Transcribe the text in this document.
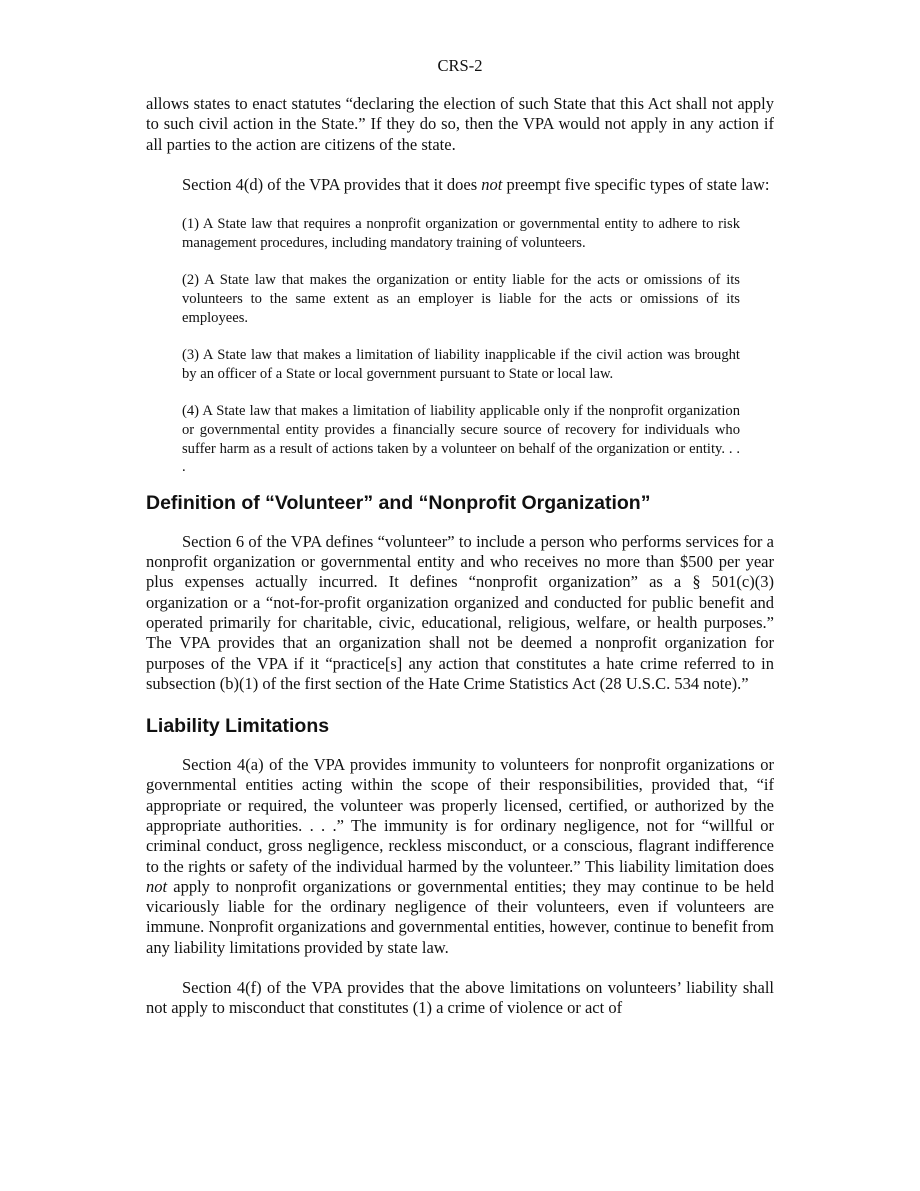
CRS-2

allows states to enact statutes “declaring the election of such State that this Act shall not apply to such civil action in the State.” If they do so, then the VPA would not apply in any action if all parties to the action are citizens of the state.

Section 4(d) of the VPA provides that it does not preempt five specific types of state law:

(1) A State law that requires a nonprofit organization or governmental entity to adhere to risk management procedures, including mandatory training of volunteers.
(2) A State law that makes the organization or entity liable for the acts or omissions of its volunteers to the same extent as an employer is liable for the acts or omissions of its employees.
(3) A State law that makes a limitation of liability inapplicable if the civil action was brought by an officer of a State or local government pursuant to State or local law.
(4) A State law that makes a limitation of liability applicable only if the nonprofit organization or governmental entity provides a financially secure source of recovery for individuals who suffer harm as a result of actions taken by a volunteer on behalf of the organization or entity. . . .
Definition of “Volunteer” and “Nonprofit Organization”

Section 6 of the VPA defines “volunteer” to include a person who performs services for a nonprofit organization or governmental entity and who receives no more than $500 per year plus expenses actually incurred. It defines “nonprofit organization” as a § 501(c)(3) organization or a “not-for-profit organization organized and conducted for public benefit and operated primarily for charitable, civic, educational, religious, welfare, or health purposes.” The VPA provides that an organization shall not be deemed a nonprofit organization for purposes of the VPA if it “practice[s] any action that constitutes a hate crime referred to in subsection (b)(1) of the first section of the Hate Crime Statistics Act (28 U.S.C. 534 note).”

Liability Limitations

Section 4(a) of the VPA provides immunity to volunteers for nonprofit organizations or governmental entities acting within the scope of their responsibilities, provided that, “if appropriate or required, the volunteer was properly licensed, certified, or authorized by the appropriate authorities. . . .” The immunity is for ordinary negligence, not for “willful or criminal conduct, gross negligence, reckless misconduct, or a conscious, flagrant indifference to the rights or safety of the individual harmed by the volunteer.” This liability limitation does not apply to nonprofit organizations or governmental entities; they may continue to be held vicariously liable for the ordinary negligence of their volunteers, even if volunteers are immune. Nonprofit organizations and governmental entities, however, continue to benefit from any liability limitations provided by state law.

Section 4(f) of the VPA provides that the above limitations on volunteers’ liability shall not apply to misconduct that constitutes (1) a crime of violence or act of
